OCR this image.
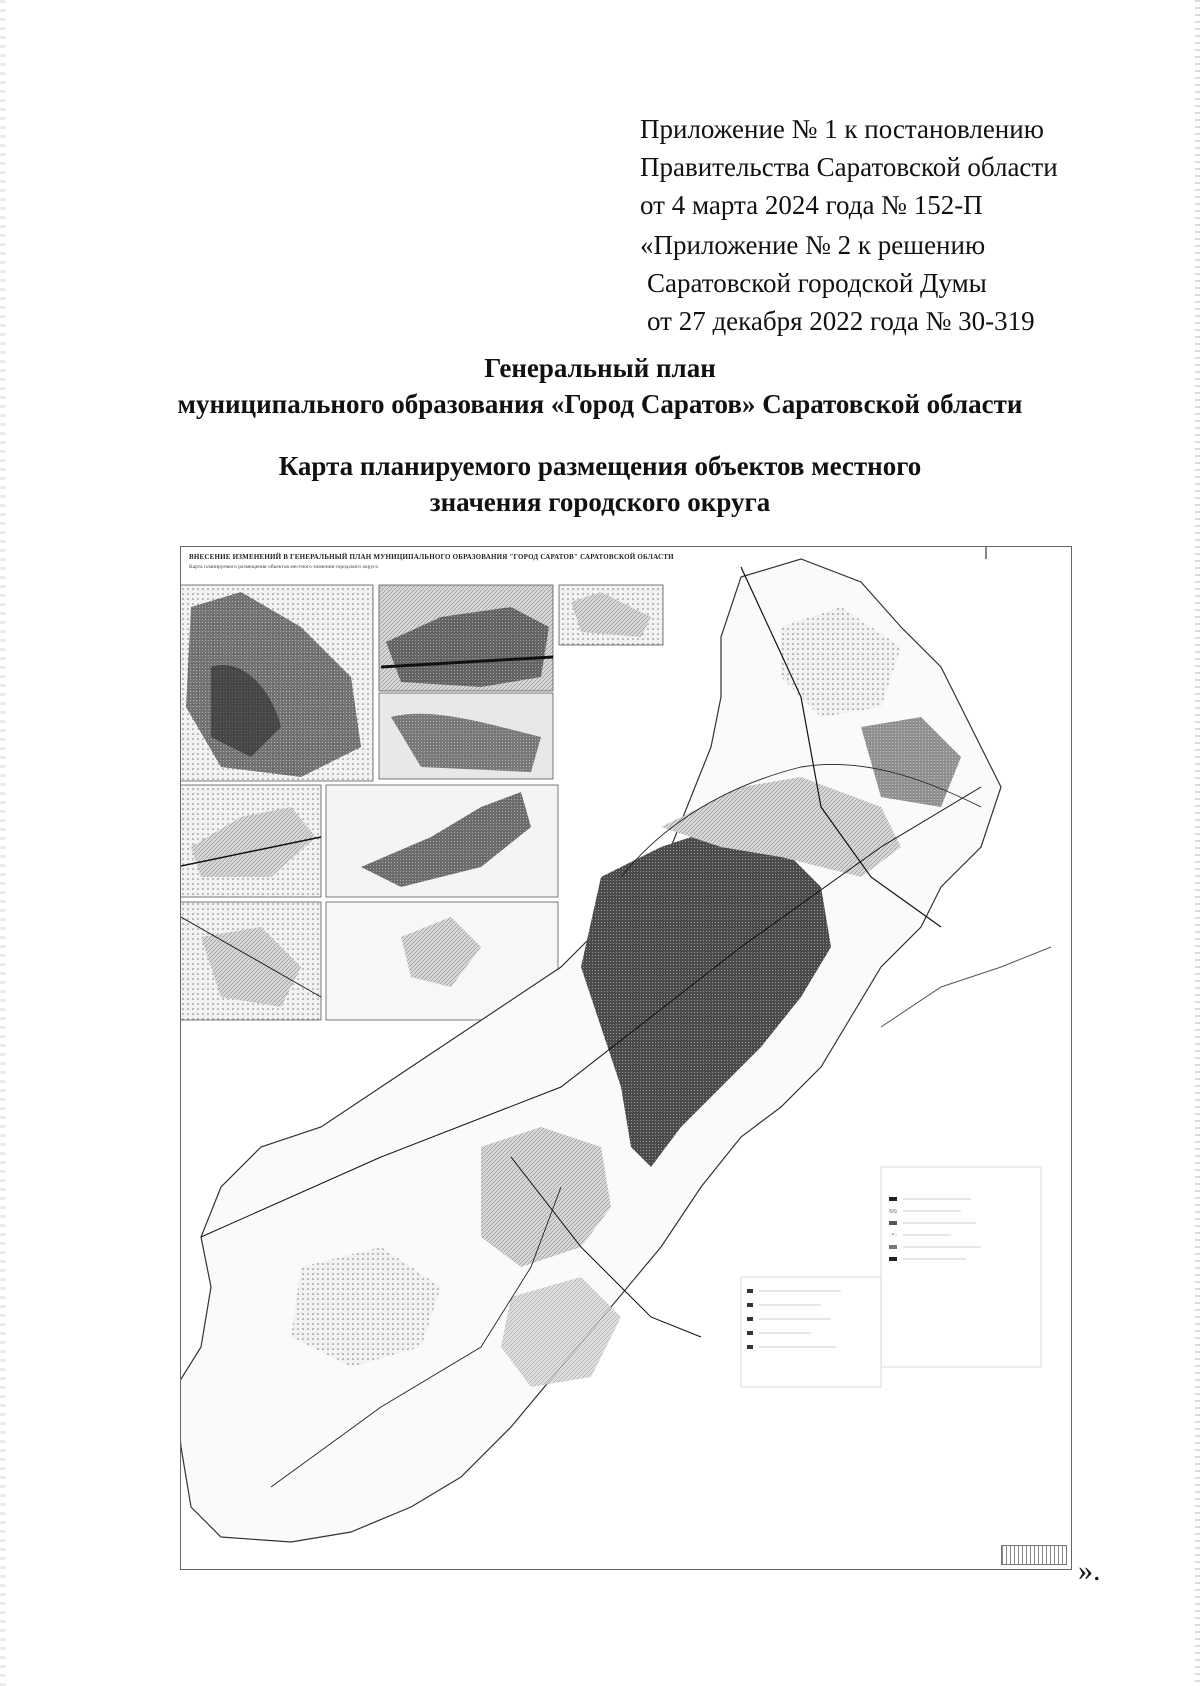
Приложение № 1 к постановлению
Правительства Саратовской области
от 4 марта 2024 года № 152-П
«Приложение № 2 к решению
Саратовской городской Думы
от 27 декабря 2022 года № 30-319
Генеральный план
муниципального образования «Город Саратов» Саратовской области
Карта планируемого размещения объектов местного
значения городского округа
ВНЕСЕНИЕ ИЗМЕНЕНИЙ В ГЕНЕРАЛЬНЫЙ ПЛАН МУНИЦИПАЛЬНОГО ОБРАЗОВАНИЯ "ГОРОД САРАТОВ" САРАТОВСКОЙ ОБЛАСТИ
Карта планируемого размещения объектов местного значения городского округа
».
